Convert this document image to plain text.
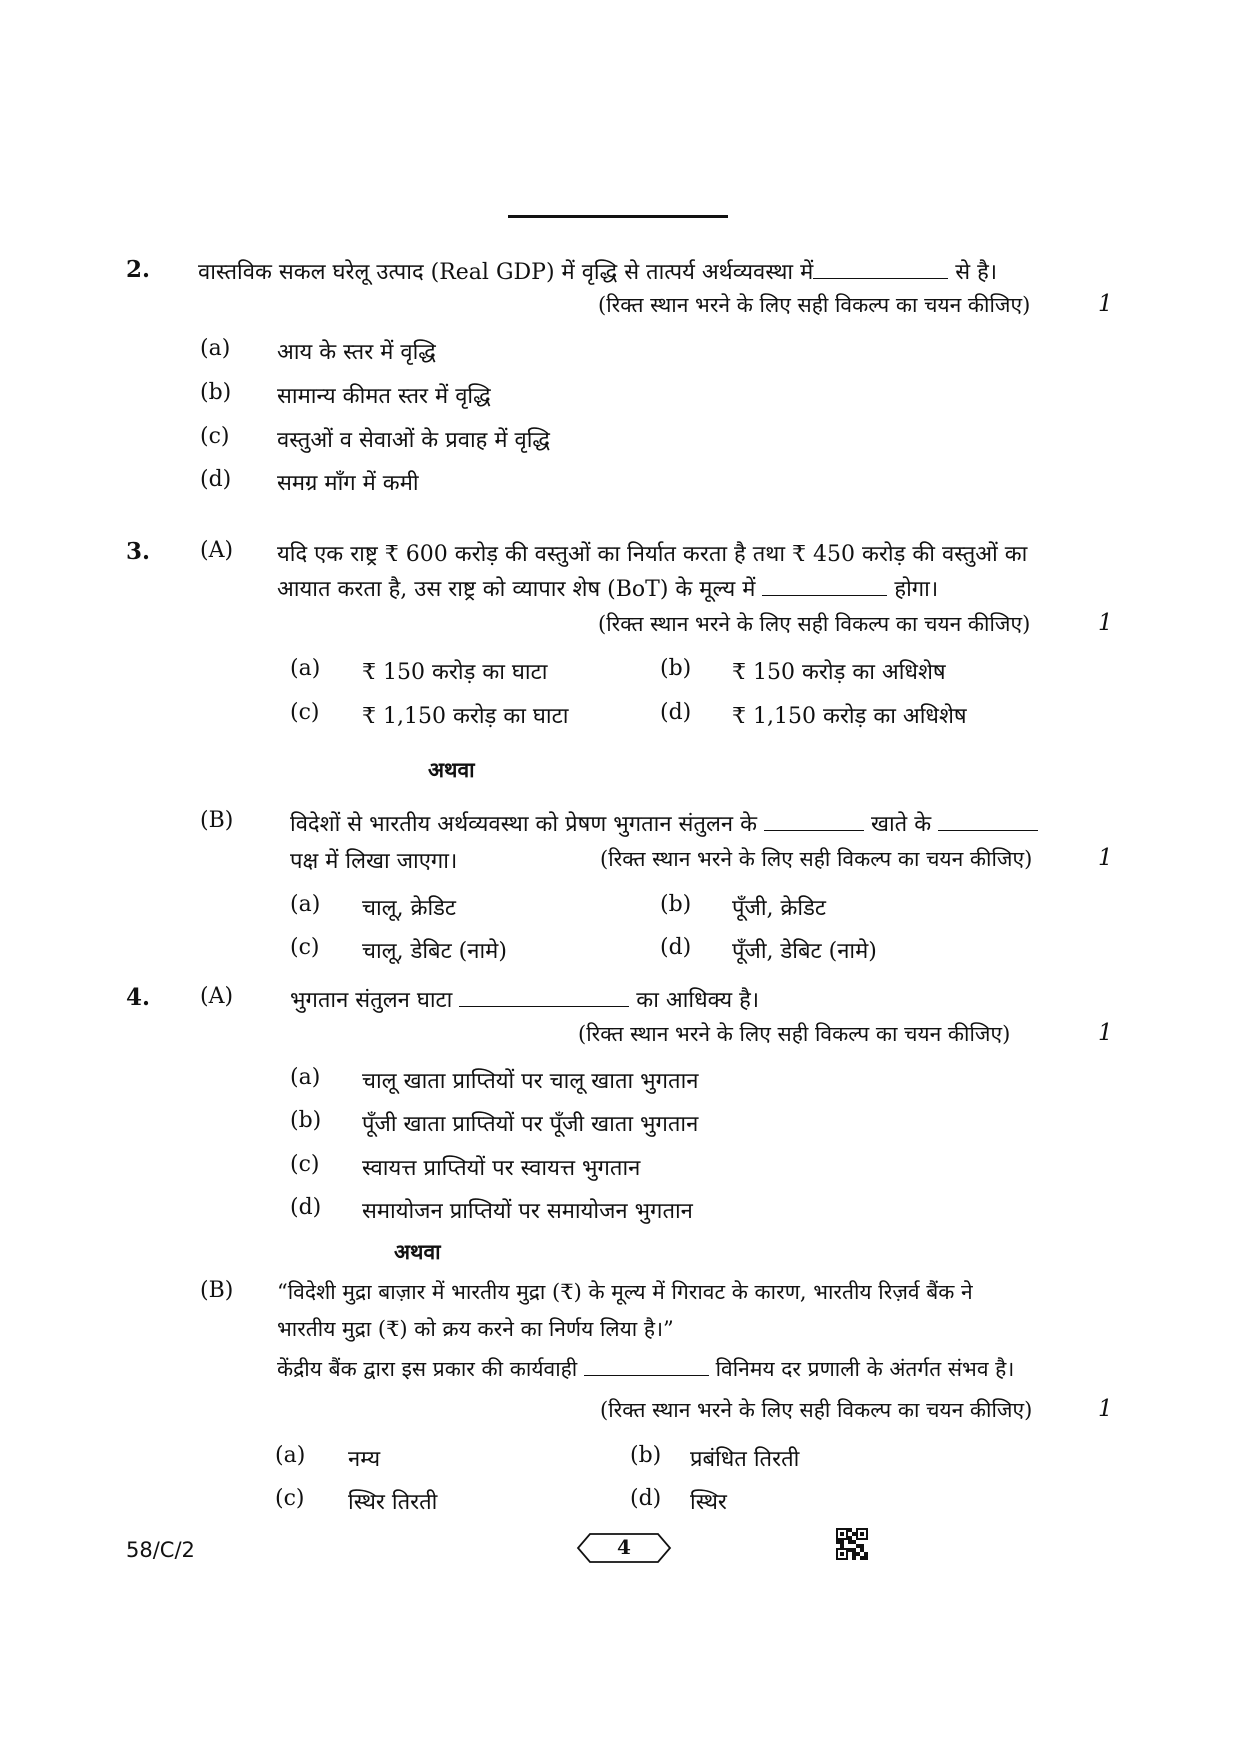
2. वास्तविक सकल घरेलू उत्पाद (Real GDP) में वृद्धि से तात्पर्य अर्थव्यवस्था में	से है।
(रिक्त स्थान भरने के लिए सही विकल्प का चयन कीजिए)	1
(a) आय के स्तर में वृद्धि
(b) सामान्य कीमत स्तर में वृद्धि
(c) वस्तुओं व सेवाओं के प्रवाह में वृद्धि
(d) समग्र माँग में कमी
3. (A) यदि एक राष्ट्र ₹ 600 करोड़ की वस्तुओं का निर्यात करता है तथा ₹ 450 करोड़ की वस्तुओं का
आयात करता है, उस राष्ट्र को व्यापार शेष (BoT) के मूल्य में	होगा।
(रिक्त स्थान भरने के लिए सही विकल्प का चयन कीजिए)	1
(a) ₹ 150 करोड़ का घाटा	(b) ₹ 150 करोड़ का अधिशेष
(c) ₹ 1,150 करोड़ का घाटा	(d) ₹ 1,150 करोड़ का अधिशेष
अथवा
(B)	विदेशों से भारतीय अर्थव्यवस्था को प्रेषण भुगतान संतुलन के	खाते के
पक्ष में लिखा जाएगा।	(रिक्त स्थान भरने के लिए सही विकल्प का चयन कीजिए)	1
(a) चालू, क्रेडिट	(b) पूँजी, क्रेडिट
(c) चालू, डेबिट (नामे)	(d) पूँजी, डेबिट (नामे)
4. (A)	भुगतान संतुलन घाटा	का आधिक्य है।
(रिक्त स्थान भरने के लिए सही विकल्प का चयन कीजिए)	1
(a) चालू खाता प्राप्तियों पर चालू खाता भुगतान
(b) पूँजी खाता प्राप्तियों पर पूँजी खाता भुगतान
(c) स्वायत्त प्राप्तियों पर स्वायत्त भुगतान
(d) समायोजन प्राप्तियों पर समायोजन भुगतान
अथवा
(B) “विदेशी मुद्रा बाज़ार में भारतीय मुद्रा (₹) के मूल्य में गिरावट के कारण, भारतीय रिज़र्व बैंक ने
भारतीय मुद्रा (₹) को क्रय करने का निर्णय लिया है।”
केंद्रीय बैंक द्वारा इस प्रकार की कार्यवाही	विनिमय दर प्रणाली के अंतर्गत संभव है।
(रिक्त स्थान भरने के लिए सही विकल्प का चयन कीजिए)	1
(a) नम्य	(b) प्रबंधित तिरती
(c) स्थिर तिरती	(d) स्थिर
58/C/2	4
